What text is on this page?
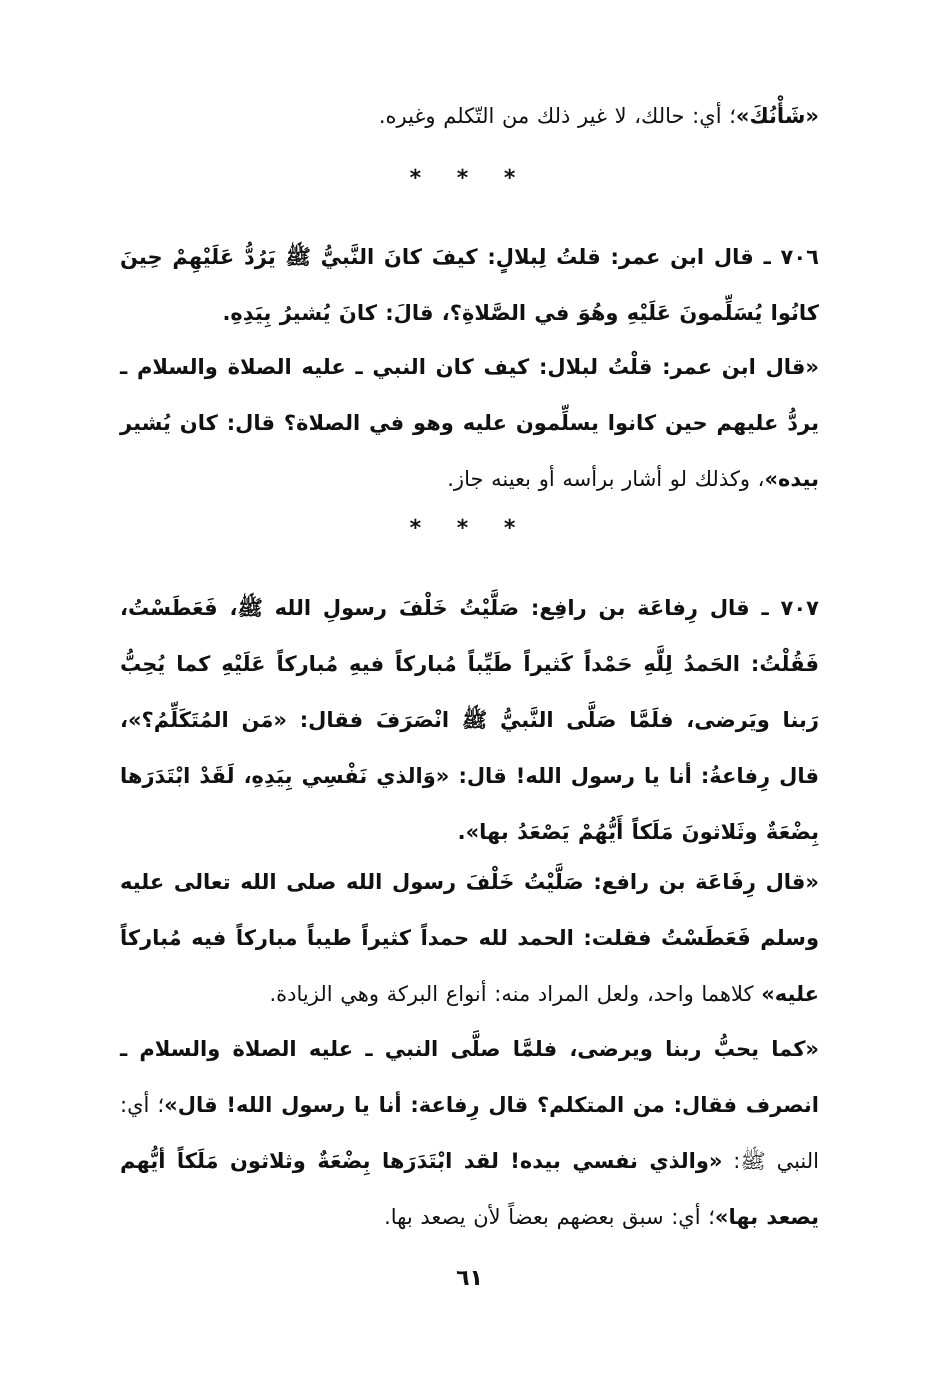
«شَأْنُكَ»؛ أي: حالك، لا غير ذلك من التّكلم وغيره.

* * *

٧٠٦ ـ قال ابن عمر: قلتُ لِبلالٍ: كيفَ كانَ النَّبيُّ ﷺ يَرُدُّ عَلَيْهِمْ حِينَ كانُوا يُسَلِّمونَ عَلَيْهِ وهُوَ في الصَّلاةِ؟، قالَ: كانَ يُشيرُ بِيَدِهِ.

«قال ابن عمر: قلْتُ لبلال: كيف كان النبي ـ عليه الصلاة والسلام ـ يردُّ عليهم حين كانوا يسلِّمون عليه وهو في الصلاة؟ قال: كان يُشير بيده»، وكذلك لو أشار برأسه أو بعينه جاز.

* * *

٧٠٧ ـ قال رِفاعَة بن رافِع: صَلَّيْتُ خَلْفَ رسولِ الله ﷺ، فَعَطَسْتُ، فَقُلْتُ: الحَمدُ لِلَّهِ حَمْداً كَثيراً طَيِّباً مُباركاً فيهِ مُباركاً عَلَيْهِ كما يُحِبُّ رَبنا ويَرضى، فلَمَّا صَلَّى النَّبيُّ ﷺ انْصَرَفَ فقال: «مَن المُتَكَلِّمُ؟»، قال رِفاعةُ: أنا يا رسول الله! قال: «وَالذي نَفْسِي بِيَدِهِ، لَقَدْ ابْتَدَرَها بِضْعَةٌ وثَلاثونَ مَلَكاً أَيُّهُمْ يَصْعَدُ بها».

«قال رِفَاعَة بن رافع: صَلَّيْتُ خَلْفَ رسول الله صلى الله تعالى عليه وسلم فَعَطَسْتُ فقلت: الحمد لله حمداً كثيراً طيباً مباركاً فيه مُباركاً عليه» كلاهما واحد، ولعل المراد منه: أنواع البركة وهي الزيادة.

«كما يحبُّ ربنا ويرضى، فلمَّا صلَّى النبي ـ عليه الصلاة والسلام ـ انصرف فقال: من المتكلم؟ قال رِفاعة: أنا يا رسول الله! قال»؛ أي: النبي ﷺ: «والذي نفسي بيده! لقد ابْتَدَرَها بِضْعَةٌ وثلاثون مَلَكاً أيُّهم يصعد بها»؛ أي: سبق بعضهم بعضاً لأن يصعد بها.

٦١
